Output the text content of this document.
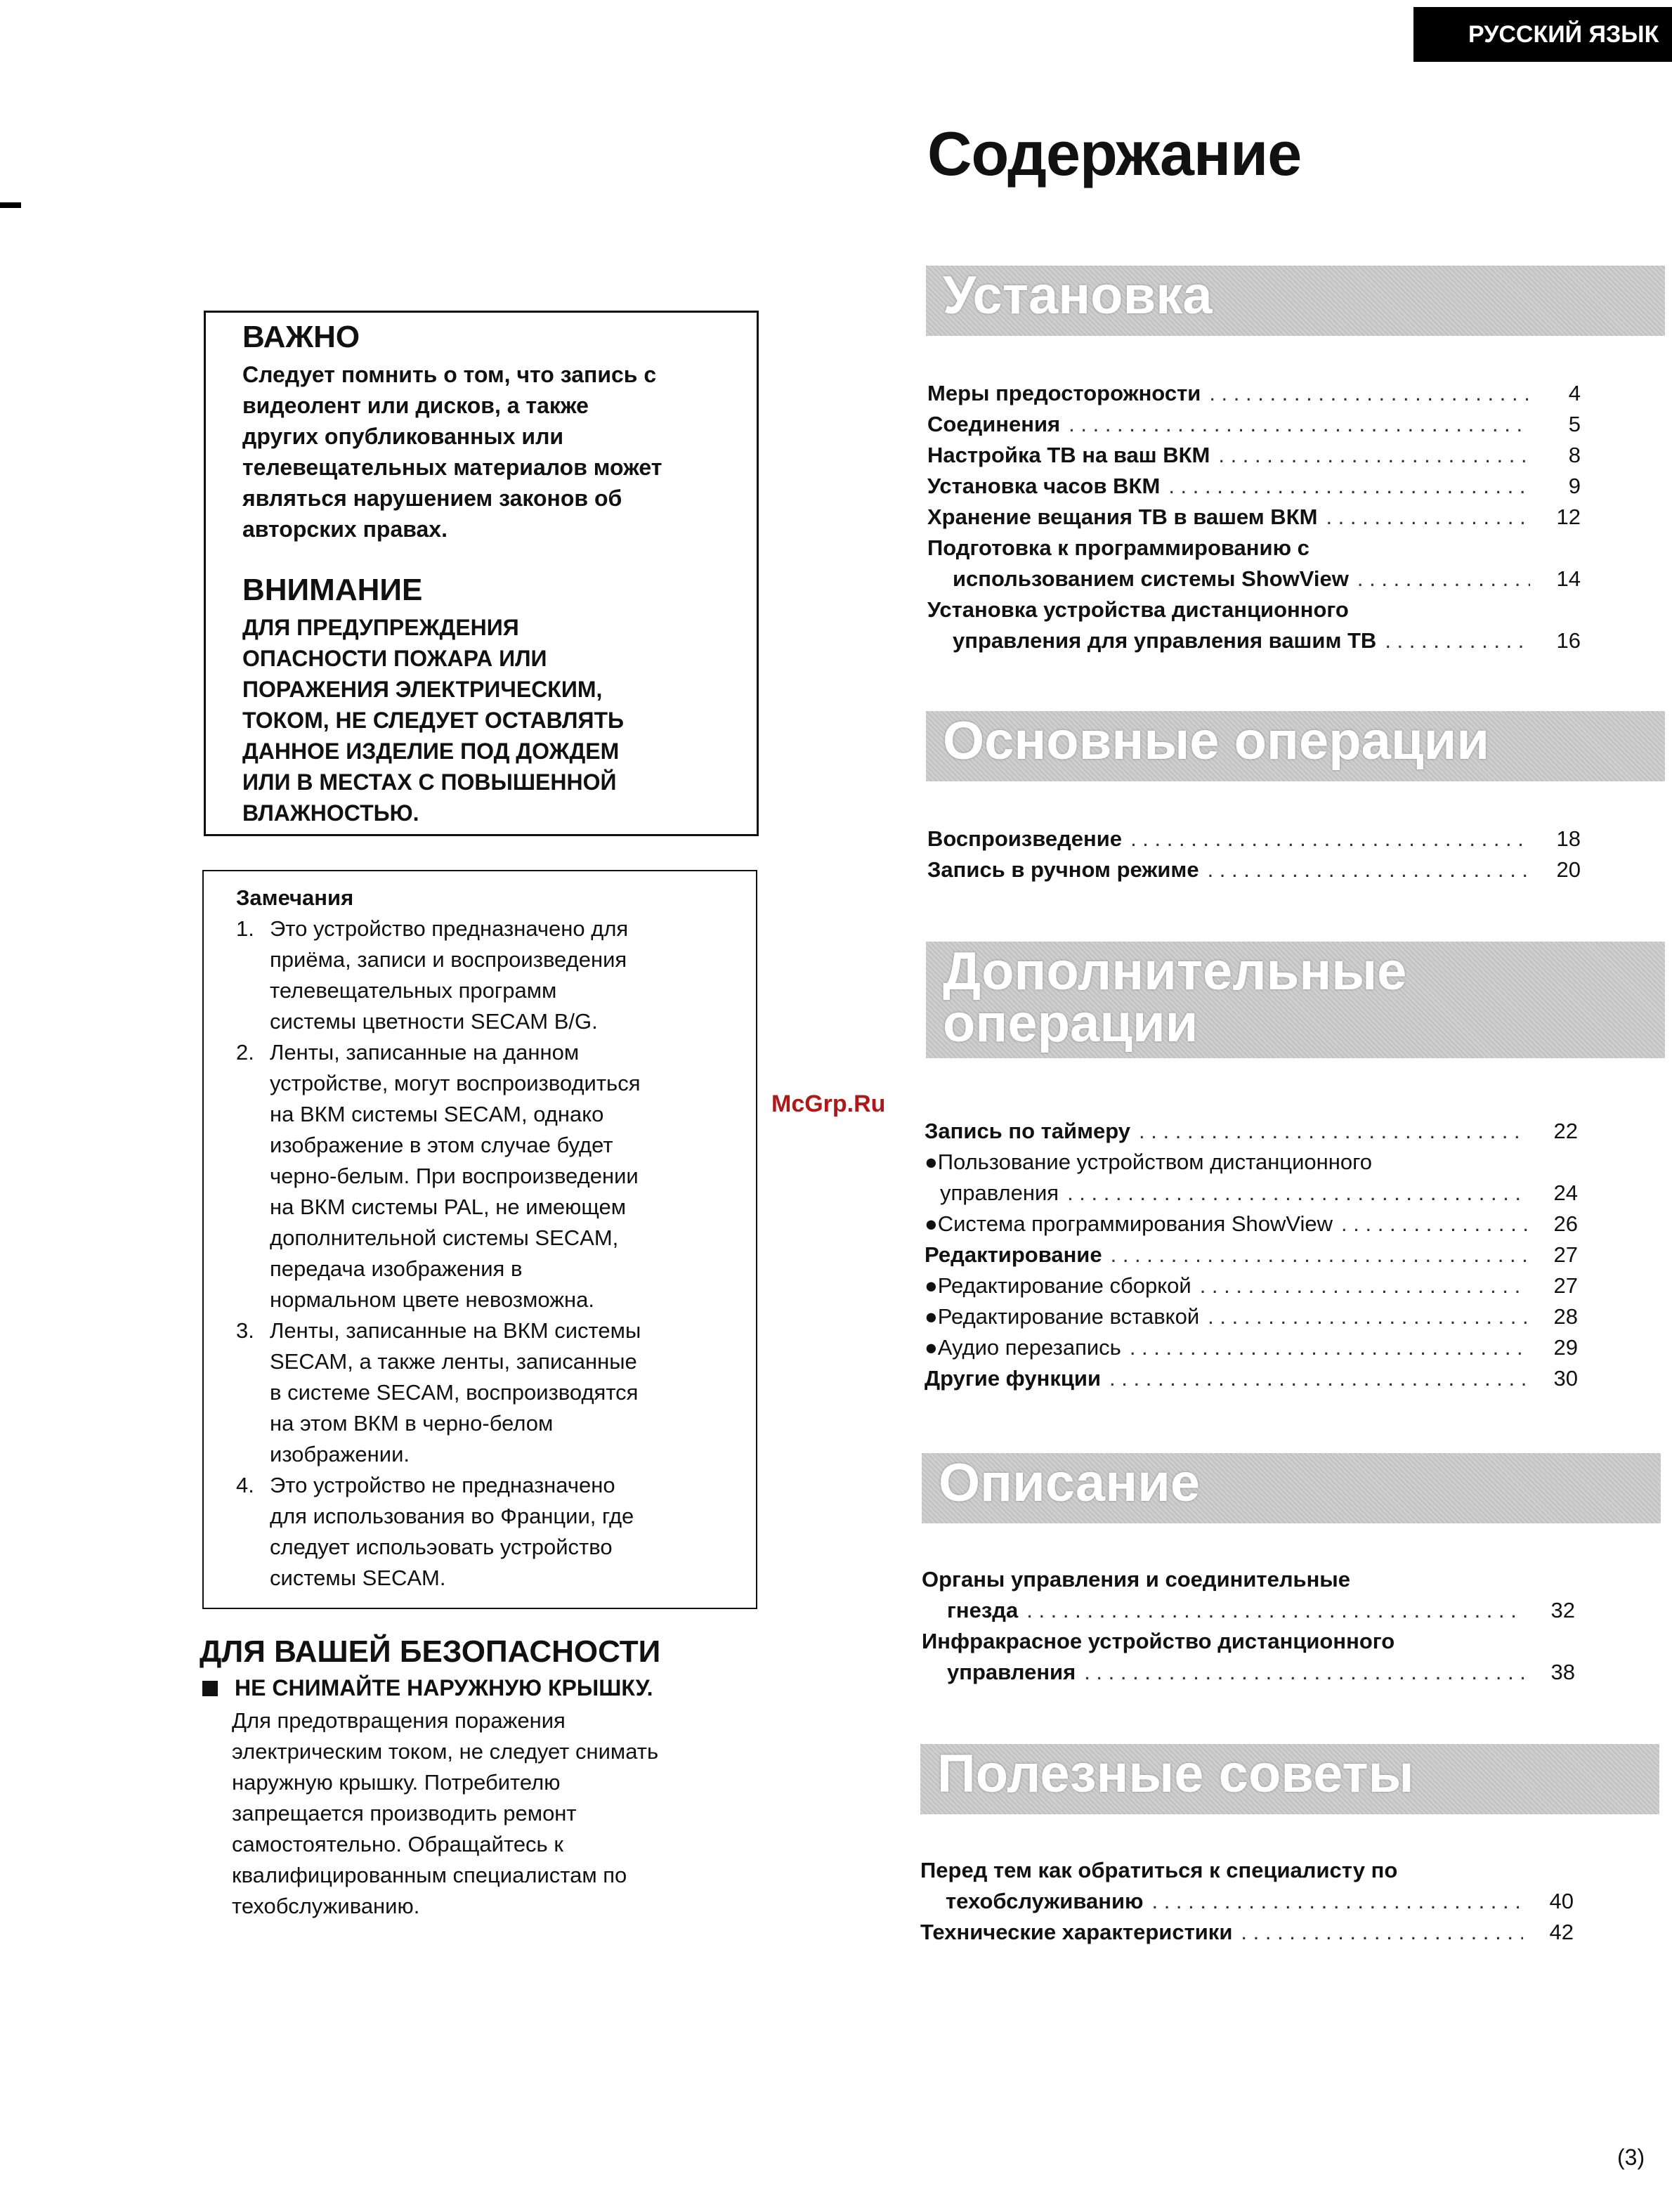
РУССКИЙ ЯЗЫК
Содержание
ВАЖНО

Следует помнить о том, что запись с
видеолент или дисков, а также
других опубликованных или
телевещательных материалов может
являться нарушением законов об
авторских правах.

ВНИМАНИЕ

ДЛЯ ПРЕДУПРЕЖДЕНИЯ
ОПАСНОСТИ ПОЖАРА ИЛИ
ПОРАЖЕНИЯ ЭЛЕКТРИЧЕСКИМ,
ТОКОМ, НЕ СЛЕДУЕТ ОСТАВЛЯТЬ
ДАННОЕ ИЗДЕЛИЕ ПОД ДОЖДЕМ
ИЛИ В МЕСТАХ С ПОВЫШЕННОЙ
ВЛАЖНОСТЬЮ.

Замечания
1. Это устройство предназначено для
приёма, записи и воспроизведения
телевещательных программ
системы цветности SECAM B/G.
2. Ленты, записанные на данном
устройстве, могут воспроизводиться
на ВКМ системы SECAM, однако
изображение в этом случае будет
черно-белым. При воспроизведении
на ВКМ системы PAL, не имеющем
дополнительной системы SECAM,
передача изображения в
нормальном цвете невозможна.
3. Ленты, записанные на ВКМ системы
SECAM, а также ленты, записанные
в системе SECAM, воспроизводятся
на этом ВКМ в черно-белом
изображении.
4. Это устройство не предназначено
для использования во Франции, где
следует испольэовать устройство
системы SECAM.
ДЛЯ ВАШЕЙ БЕЗОПАСНОСТИ
НЕ СНИМАЙТЕ НАРУЖНУЮ КРЫШКУ.

Для предотвращения поражения
электрическим током, не следует снимать
наружную крышку. Потребителю
запрещается производить ремонт
самостоятельно. Обращайтесь к
квалифицированным специалистам по
техобслуживанию.

Установка
Меры предосторожности . . .	4
Соединения . . .	5
Настройка ТВ на ваш ВКМ . . .	8
Установка часов ВКМ . . .	9
Хранение вещания ТВ в вашем ВКМ . . .	12
Подготовка к программированию с
использованием системы ShowView . . .	14
Установка устройства дистанционного
управления для управления вашим ТВ . . .	16
Основные операции
Воспроизведение . . .	18
Запись в ручном режиме . . .	20
Дополнительные
операции
Запись по таймеру . . .	22
●Пользование устройством дистанционного
управления . . .	24
●Система программирования ShowView . . .	26
Редактирование . . .	27
●Редактирование сборкой . . .	27
●Редактирование вставкой . . .	28
●Аудио перезапись . . .	29
Другие функции . . .	30
Описание
Органы управления и соединительные
гнезда . . .	32
Инфракрасное устройство дистанционного
управления . . .	38
Полезные советы
Перед тем как обратиться к специалисту по
техобслуживанию . . .	40
Технические характеристики . . .	42
McGrp.Ru
(3)
